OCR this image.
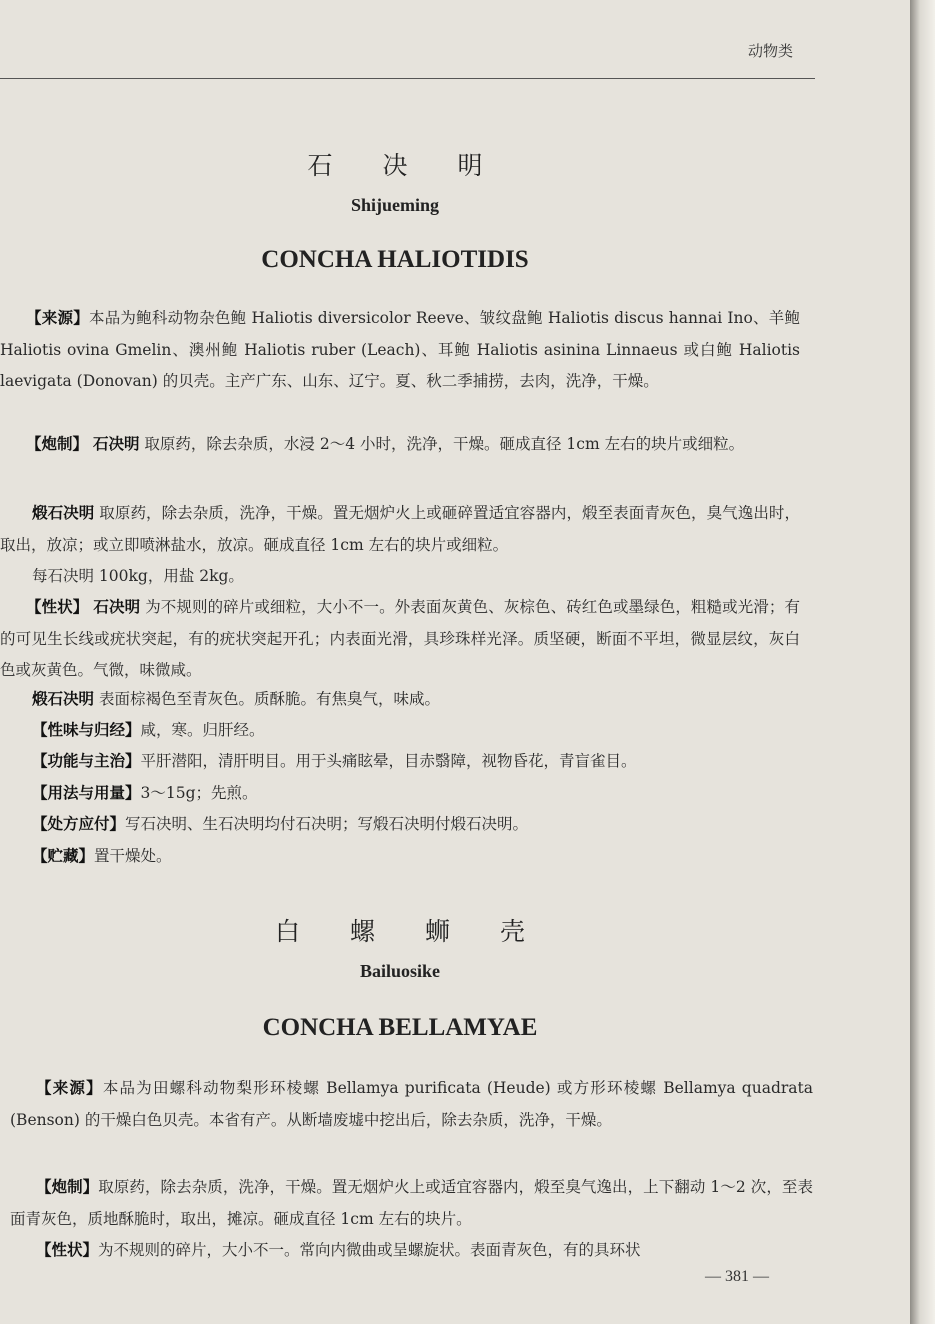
动物类
石决明
Shijueming
CONCHA HALIOTIDIS

【来源】本品为鲍科动物杂色鲍 Haliotis diversicolor Reeve、皱纹盘鲍 Haliotis discus hannai Ino、羊鲍 Haliotis ovina Gmelin、澳州鲍 Haliotis ruber (Leach)、耳鲍 Haliotis asinina Linnaeus 或白鲍 Haliotis laevigata (Donovan) 的贝壳。主产广东、山东、辽宁。夏、秋二季捕捞，去肉，洗净，干燥。

【炮制】 石决明 取原药，除去杂质，水浸 2～4 小时，洗净，干燥。砸成直径 1cm 左右的块片或细粒。

煅石决明 取原药，除去杂质，洗净，干燥。置无烟炉火上或砸碎置适宜容器内，煅至表面青灰色，臭气逸出时，取出，放凉；或立即喷淋盐水，放凉。砸成直径 1cm 左右的块片或细粒。

每石决明 100kg，用盐 2kg。

【性状】 石决明 为不规则的碎片或细粒，大小不一。外表面灰黄色、灰棕色、砖红色或墨绿色，粗糙或光滑；有的可见生长线或疣状突起，有的疣状突起开孔；内表面光滑，具珍珠样光泽。质坚硬，断面不平坦，微显层纹，灰白色或灰黄色。气微，味微咸。

煅石决明 表面棕褐色至青灰色。质酥脆。有焦臭气，味咸。

【性味与归经】咸，寒。归肝经。

【功能与主治】平肝潜阳，清肝明目。用于头痛眩晕，目赤翳障，视物昏花，青盲雀目。

【用法与用量】3～15g；先煎。

【处方应付】写石决明、生石决明均付石决明；写煅石决明付煅石决明。

【贮藏】置干燥处。

白螺蛳壳
Bailuosike
CONCHA BELLAMYAE

【来源】本品为田螺科动物梨形环棱螺 Bellamya purificata (Heude) 或方形环棱螺 Bellamya quadrata (Benson) 的干燥白色贝壳。本省有产。从断墙废墟中挖出后，除去杂质，洗净，干燥。

【炮制】取原药，除去杂质，洗净，干燥。置无烟炉火上或适宜容器内，煅至臭气逸出，上下翻动 1～2 次，至表面青灰色，质地酥脆时，取出，摊凉。砸成直径 1cm 左右的块片。

【性状】为不规则的碎片，大小不一。常向内微曲或呈螺旋状。表面青灰色，有的具环状

— 381 —
